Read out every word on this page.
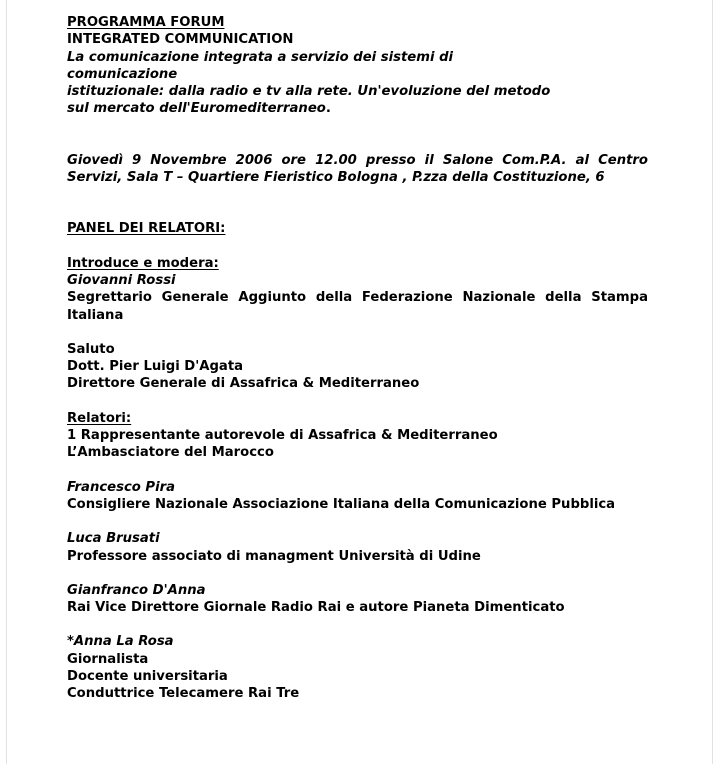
PROGRAMMA FORUM
INTEGRATED COMMUNICATION
La comunicazione integrata a servizio dei sistemi di
comunicazione
istituzionale: dalla radio e tv alla rete. Un'evoluzione del metodo
sul mercato dell'Euromediterraneo.

Giovedì 9 Novembre 2006 ore 12.00 presso il Salone Com.P.A. al Centro Servizi, Sala T – Quartiere Fieristico Bologna , P.zza della Costituzione, 6

PANEL DEI RELATORI:
Introduce e modera:
Giovanni Rossi

Segrettario Generale Aggiunto della Federazione Nazionale della Stampa Italiana

Saluto
Dott. Pier Luigi D'Agata
Direttore Generale di Assafrica & Mediterraneo
Relatori:
1 Rappresentante autorevole di Assafrica & Mediterraneo
L’Ambasciatore del Marocco
Francesco Pira

Consigliere Nazionale Associazione Italiana della Comunicazione Pubblica

Luca Brusati
Professore associato di managment Università di Udine
Gianfranco D'Anna
Rai Vice Direttore Giornale Radio Rai e autore Pianeta Dimenticato
*Anna La Rosa
Giornalista
Docente universitaria
Conduttrice Telecamere Rai Tre
